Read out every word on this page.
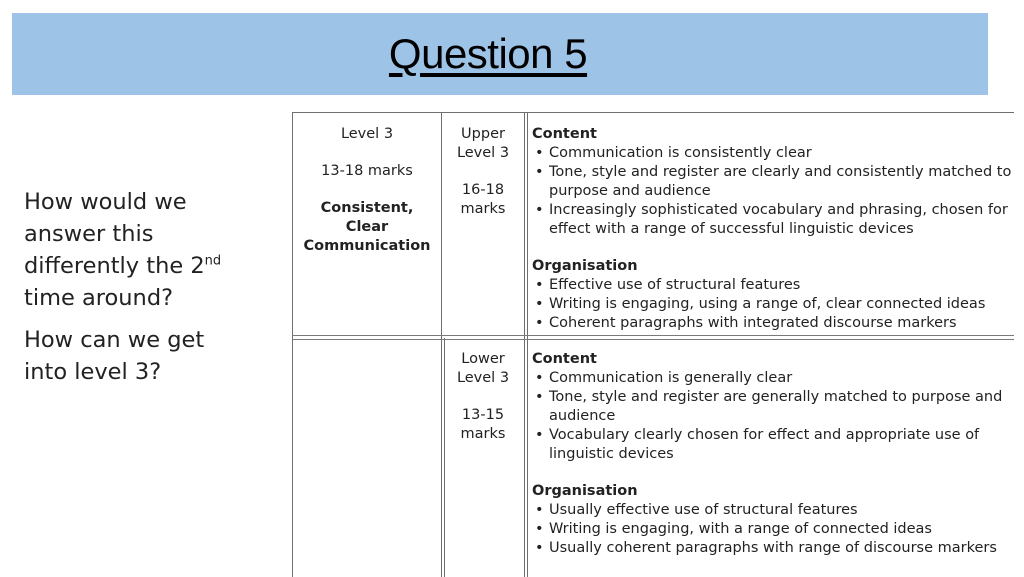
Question 5

How would we answer this differently the 2nd time around?

How can we get into level 3?

Level 3
13-18 marks
Consistent,
Clear
Communication
Upper
Level 3
16-18
marks
Content
• Communication is consistently clear
• Tone, style and register are clearly and consistently matched to purpose and audience
• Increasingly sophisticated vocabulary and phrasing, chosen for effect with a range of successful linguistic devices
Organisation
• Effective use of structural features
• Writing is engaging, using a range of, clear connected ideas
• Coherent paragraphs with integrated discourse markers
Lower
Level 3
13-15
marks
Content
• Communication is generally clear
• Tone, style and register are generally matched to purpose and audience
• Vocabulary clearly chosen for effect and appropriate use of linguistic devices
Organisation
• Usually effective use of structural features
• Writing is engaging, with a range of connected ideas
• Usually coherent paragraphs with range of discourse markers
